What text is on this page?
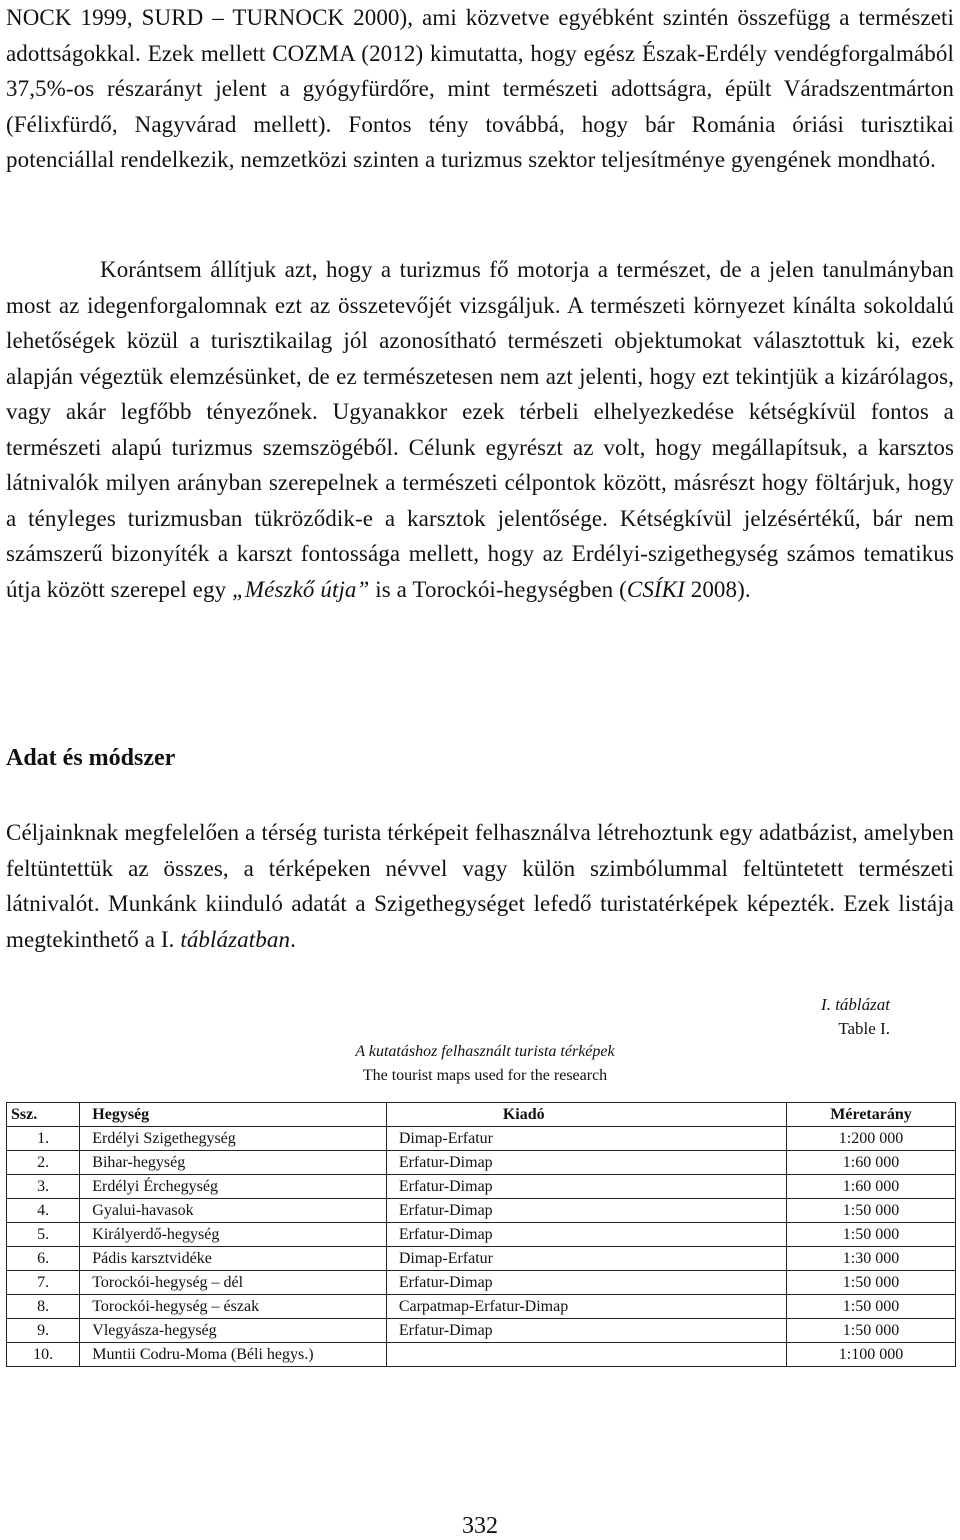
NOCK 1999, SURD – TURNOCK 2000), ami közvetve egyébként szintén összefügg a természeti adottságokkal. Ezek mellett COZMA (2012) kimutatta, hogy egész Észak-Erdély vendégforgalmából 37,5%-os részarányt jelent a gyógyfürdőre, mint természeti adottságra, épült Váradszentmárton (Félixfürdő, Nagyvárad mellett). Fontos tény továbbá, hogy bár Románia óriási turisztikai potenciállal rendelkezik, nemzetközi szinten a turizmus szektor teljesítménye gyengének mondható.

Korántsem állítjuk azt, hogy a turizmus fő motorja a természet, de a jelen tanulmányban most az idegenforgalomnak ezt az összetevőjét vizsgáljuk. A természeti környezet kínálta sokoldalú lehetőségek közül a turisztikailag jól azonosítható természeti objektumokat választottuk ki, ezek alapján végeztük elemzésünket, de ez természetesen nem azt jelenti, hogy ezt tekintjük a kizárólagos, vagy akár legfőbb tényezőnek. Ugyanakkor ezek térbeli elhelyezkedése kétségkívül fontos a természeti alapú turizmus szemszögéből. Célunk egyrészt az volt, hogy megállapítsuk, a karsztos látnivalók milyen arányban szerepelnek a természeti célpontok között, másrészt hogy föltárjuk, hogy a tényleges turizmusban tükröződik-e a karsztok jelentősége. Kétségkívül jelzésértékű, bár nem számszerű bizonyíték a karszt fontossága mellett, hogy az Erdélyi-szigethegység számos tematikus útja között szerepel egy „Mészkő útja” is a Torockói-hegységben (CSÍKI 2008).

Adat és módszer

Céljainknak megfelelően a térség turista térképeit felhasználva létrehoztunk egy adatbázist, amelyben feltüntettük az összes, a térképeken névvel vagy külön szimbólummal feltüntetett természeti látnivalót. Munkánk kiinduló adatát a Szigethegységet lefedő turistatérképek képezték. Ezek listája megtekinthető a I. táblázatban.

I. táblázat
Table I.
A kutatáshoz felhasznált turista térképek
The tourist maps used for the research
Ssz.	Hegység	Kiadó	Méretarány
1.	Erdélyi Szigethegység	Dimap-Erfatur	1:200 000
2.	Bihar-hegység	Erfatur-Dimap	1:60 000
3.	Erdélyi Érchegység	Erfatur-Dimap	1:60 000
4.	Gyalui-havasok	Erfatur-Dimap	1:50 000
5.	Királyerdő-hegység	Erfatur-Dimap	1:50 000
6.	Pádis karsztvidéke	Dimap-Erfatur	1:30 000
7.	Torockói-hegység – dél	Erfatur-Dimap	1:50 000
8.	Torockói-hegység – észak	Carpatmap-Erfatur-Dimap	1:50 000
9.	Vlegyásza-hegység	Erfatur-Dimap	1:50 000
10.	Muntii Codru-Moma (Béli hegys.)		1:100 000
332
